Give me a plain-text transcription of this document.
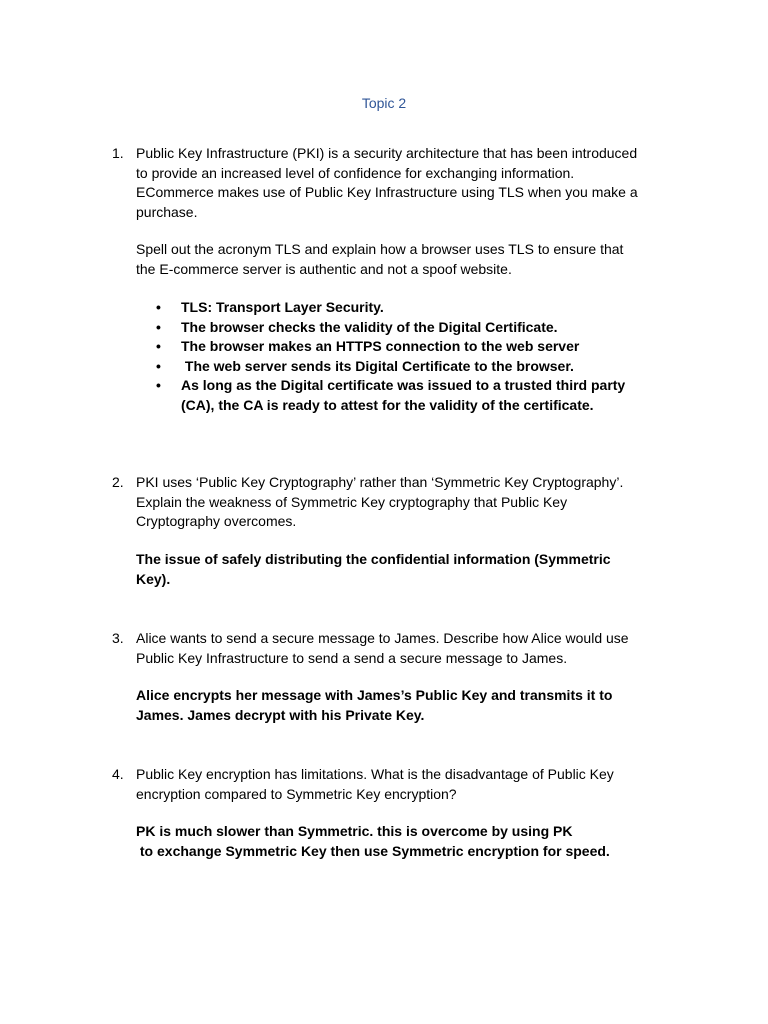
Topic 2
1. Public Key Infrastructure (PKI) is a security architecture that has been introduced
to provide an increased level of confidence for exchanging information.
ECommerce makes use of Public Key Infrastructure using TLS when you make a
purchase.
Spell out the acronym TLS and explain how a browser uses TLS to ensure that
the E-commerce server is authentic and not a spoof website.
• TLS: Transport Layer Security.
• The browser checks the validity of the Digital Certificate.
• The browser makes an HTTPS connection to the web server
• The web server sends its Digital Certificate to the browser.
• As long as the Digital certificate was issued to a trusted third party
(CA), the CA is ready to attest for the validity of the certificate.
2. PKI uses ‘Public Key Cryptography’ rather than ‘Symmetric Key Cryptography’.
Explain the weakness of Symmetric Key cryptography that Public Key
Cryptography overcomes.
The issue of safely distributing the confidential information (Symmetric
Key).
3. Alice wants to send a secure message to James. Describe how Alice would use
Public Key Infrastructure to send a send a secure message to James.
Alice encrypts her message with James’s Public Key and transmits it to
James. James decrypt with his Private Key.
4. Public Key encryption has limitations. What is the disadvantage of Public Key
encryption compared to Symmetric Key encryption?
PK is much slower than Symmetric. this is overcome by using PK
to exchange Symmetric Key then use Symmetric encryption for speed.
